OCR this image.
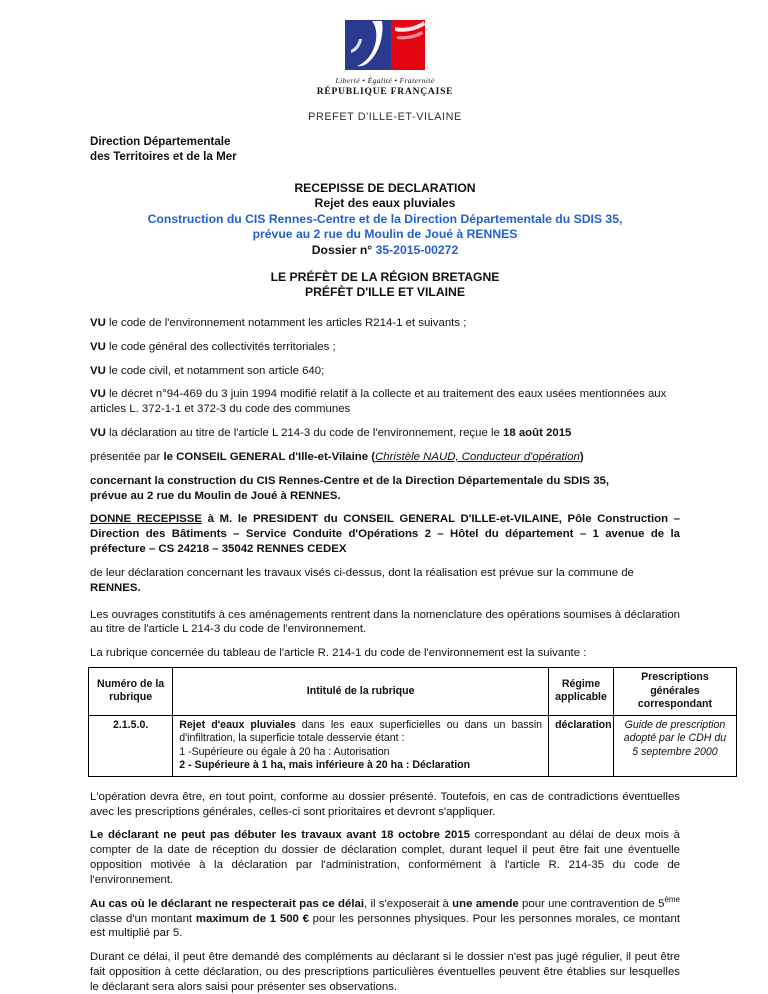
Liberté • Égalité • Fraternité
RÉPUBLIQUE FRANÇAISE
PREFET D'ILLE-ET-VILAINE
Direction Départementale
des Territoires et de la Mer
RECEPISSE DE DECLARATION
Rejet des eaux pluviales
Construction du CIS Rennes-Centre et de la Direction Départementale du SDIS 35,
prévue au 2 rue du Moulin de Joué à RENNES
Dossier n° 35-2015-00272
LE PRÉFÈT DE LA RÉGION BRETAGNE
PRÉFÈT D'ILLE ET VILAINE

VU le code de l'environnement notamment les articles R214-1 et suivants ;

VU le code général des collectivités territoriales ;

VU le code civil, et notamment son article 640;

VU le décret n°94-469 du 3 juin 1994 modifié relatif à la collecte et au traitement des eaux usées mentionnées aux articles L. 372-1-1 et 372-3 du code des communes

VU la déclaration au titre de l'article L 214-3 du code de l'environnement, reçue le 18 août 2015

présentée par le CONSEIL GENERAL d'Ille-et-Vilaine (Christèle NAUD, Conducteur d'opération)

concernant la construction du CIS Rennes-Centre et de la Direction Départementale du SDIS 35,
prévue au 2 rue du Moulin de Joué à RENNES.

DONNE RECEPISSE à M. le PRESIDENT du CONSEIL GENERAL D'ILLE-et-VILAINE, Pôle Construction – Direction des Bâtiments – Service Conduite d'Opérations 2 – Hôtel du département – 1 avenue de la préfecture – CS 24218 – 35042 RENNES CEDEX

de leur déclaration concernant les travaux visés ci-dessus, dont la réalisation est prévue sur la commune de RENNES.

Les ouvrages constitutifs à ces aménagements rentrent dans la nomenclature des opérations soumises à déclaration au titre de l'article L 214-3 du code de l'environnement.

La rubrique concernée du tableau de l'article R. 214-1 du code de l'environnement est la suivante :

Numéro de la rubrique	Intitulé de la rubrique	Régime applicable	Prescriptions générales correspondant
2.1.5.0.	Rejet d'eaux pluviales dans les eaux superficielles ou dans un bassin d'infiltration, la superficie totale desservie étant :
1 -Supérieure ou égale à 20 ha : Autorisation
2 - Supérieure à 1 ha, mais inférieure à 20 ha : Déclaration	déclaration	Guide de prescription adopté par le CDH du 5 septembre 2000

L'opération devra être, en tout point, conforme au dossier présenté. Toutefois, en cas de contradictions éventuelles avec les prescriptions générales, celles-ci sont prioritaires et devront s'appliquer.

Le déclarant ne peut pas débuter les travaux avant 18 octobre 2015 correspondant au délai de deux mois à compter de la date de réception du dossier de déclaration complet, durant lequel il peut être fait une éventuelle opposition motivée à la déclaration par l'administration, conformément à l'article R. 214-35 du code de l'environnement.

Au cas où le déclarant ne respecterait pas ce délai, il s'exposerait à une amende pour une contravention de 5ème classe d'un montant maximum de 1 500 € pour les personnes physiques. Pour les personnes morales, ce montant est multiplié par 5.

Durant ce délai, il peut être demandé des compléments au déclarant si le dossier n'est pas jugé régulier, il peut être fait opposition à cette déclaration, ou des prescriptions particulières éventuelles peuvent être établies sur lesquelles le déclarant sera alors saisi pour présenter ses observations.
